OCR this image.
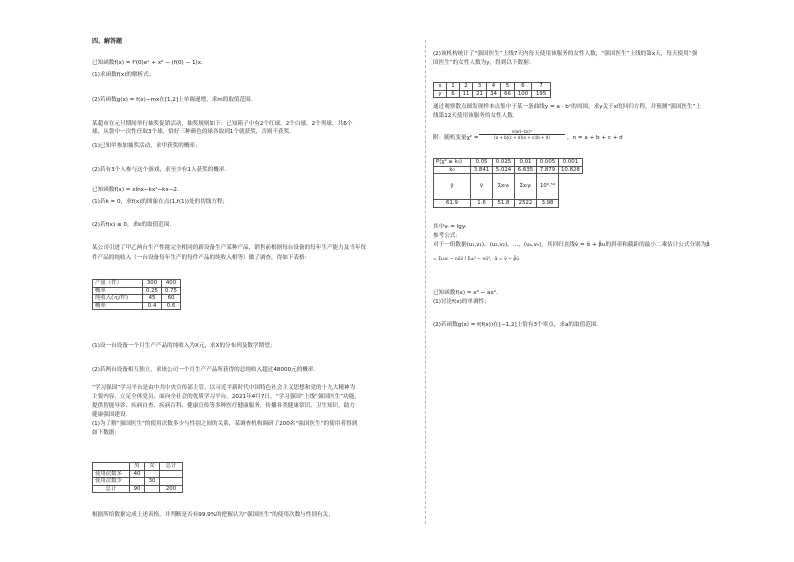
四、解答题
已知函数f(x) = f'(0)eˣ + x² − (f(0) − 1)x.
(1)求函数f(x)的解析式；
(2)若函数g(x) = f(x)−mx在[1,2]上单调递增，求m的取值范围.
某超市在元旦期间举行抽奖促销活动，抽奖规则如下：已知箱子中有2个红球，2个白球，2个黑球，共6个
球，从袋中一次性任取3个球，恰好三种颜色的球各取到1个就获奖，否则不获奖.
(1)已知甲参加抽奖活动，求甲获奖的概率；
(2)若有3个人参与这个游戏，求至少有1人获奖的概率.
已知函数f(x) = xlnx−kx²−kx−2.
(1)若k = 0，求f(x)的图象在点(1,f(1))处的切线方程；
(2)若f(x) ≤ 0，求k的取值范围.
某公司引进了甲乙两台生产性能完全相同的新设备生产某种产品，销售前根据每台设备的每年生产能力及当年每
件产品的纯收入（一台设备每年生产的每件产品的纯收入相等）做了调查，得如下表格：
产量（件）	300	400
概率	0.25	0.75
纯收入(元/件)	45	60
概率	0.4	0.6
(1)设一台设备一个月生产产品的纯收入为X元，求X的分布列及数学期望；
(2)若两台设备相互独立，求该公司一个月生产产品所获得的总纯收入超过48000元的概率.
“学习强国”学习平台是由中共中央宣传部主管，以习近平新时代中国特色社会主义思想和党的十九大精神为
主要内容，立足全体党员、面向全社会的优质学习平台。2021年4月7日，“学习强国”上线“强国医生”功能，
提供智能导诊、疾病自查、疾病百科、健康宣传等多种医疗健康服务，传播各类健康常识、卫生知识，助力
健康强国建设.
(1)为了解“强国医生”的使用次数多少与性别之间的关系，某调查机构调研了200名“强国医生”的使用者得到
如下数据：
	男	女	总计
使用次数多	40		
使用次数少		30	
总计	90		200
根据所给数据完成上述表格，并判断是否有99.9%的把握认为“强国医生”的使用次数与性别有关；
(2)该机构统计了“强国医生”上线7天内每天使用该服务的女性人数，“强国医生”上线的第x天，每天使用“强
国医生”的女性人数为y，得到以下数据：
x	1	2	3	4	5	6	7
y	6	11	21	34	66	100	195
通过观察散点图发现样本点集中于某一条曲线y = a · bˣ的周围，求y关于x的回归方程，并预测“强国医生”上
线第12天使用该服务的女性人数.
附：随机变量$\chi^2 = \frac{\text{n(ad−bc)²}}{(a + b)(c + d)(a + c)(b + d)}$ ，n = a + b + c + d
P(χ² ≥ k₀)	0.05	0.025	0.01	0.005	0.001
k₀	3.841	5.024	6.635	7.879	10.828
ȳ	v̄	Σxᵢvᵢ	Σxᵢyᵢ	10⁰·⁵⁴	
61.9	1.6	51.8	2522	3.98	
其中vᵢ = lgyᵢ
参考公式：
对于一组数据(u₁,v₁)，(u₂,v₂)，…，(uₙ,vₙ)，其回归直线v̂ = α̂ + β̂u的斜率和截距的最小二乘估计公式分别为β̂
= Σuᵢvᵢ − nūv̄ / Σuᵢ² − nū²，α̂ = v̄ − β̂ū
已知函数f(x) = x³ − ax².
(1)讨论f(x)的单调性；
(2)若函数g(x) = f(f(x))在[−1,2]上恰有3个零点，求a的取值范围.
